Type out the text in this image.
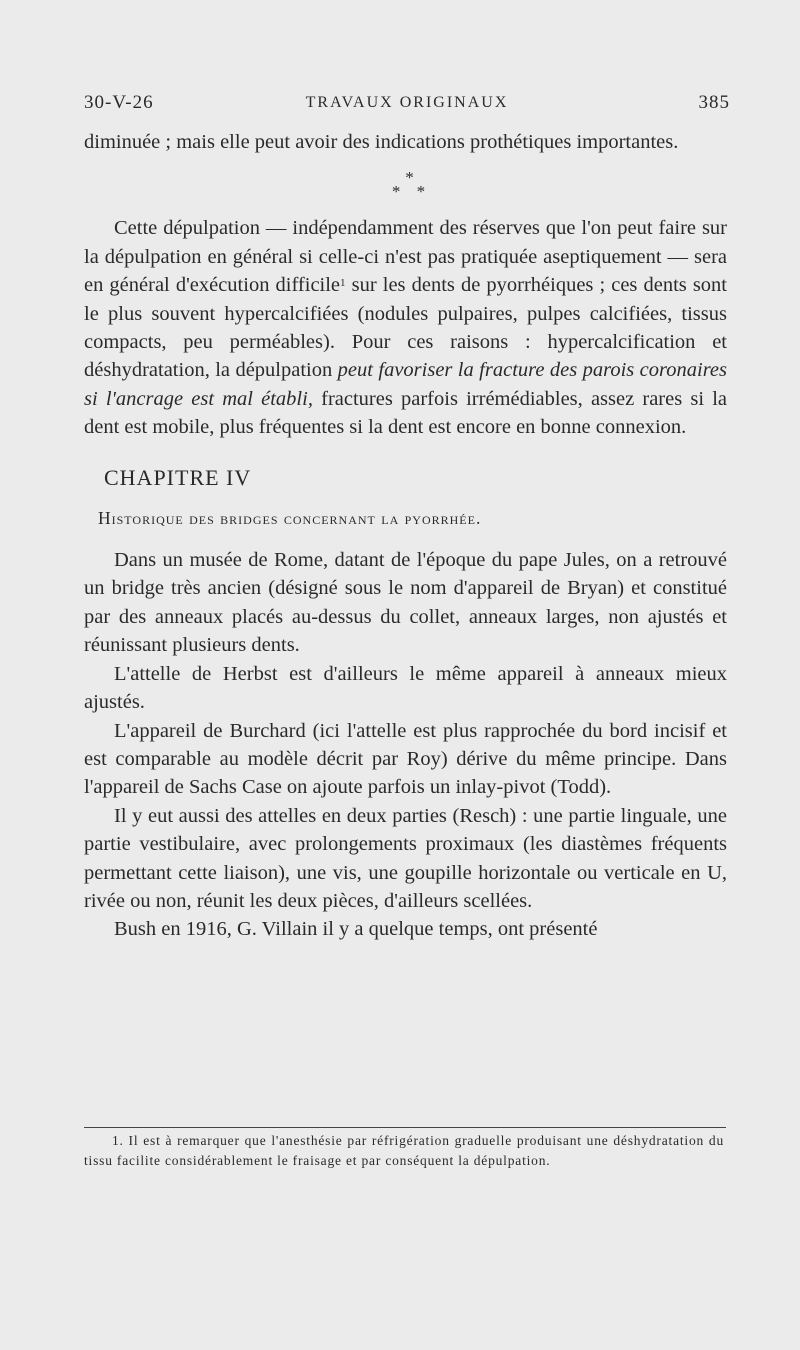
30-V-26	TRAVAUX ORIGINAUX	385

diminuée ; mais elle peut avoir des indications prothétiques importantes.

*
* *

Cette dépulpation — indépendamment des réserves que l'on peut faire sur la dépulpation en général si celle-ci n'est pas pratiquée aseptiquement — sera en général d'exécution difficile$^1$ sur les dents de pyorrhéiques ; ces dents sont le plus souvent hypercalcifiées (nodules pulpaires, pulpes calcifiées, tissus compacts, peu perméables). Pour ces raisons : hypercalcification et déshydratation, la dépulpation peut favoriser la fracture des parois coronaires si l'ancrage est mal établi, fractures parfois irrémédiables, assez rares si la dent est mobile, plus fréquentes si la dent est encore en bonne connexion.

CHAPITRE IV

Historique des bridges concernant la pyorrhée.

Dans un musée de Rome, datant de l'époque du pape Jules, on a retrouvé un bridge très ancien (désigné sous le nom d'appareil de Bryan) et constitué par des anneaux placés au-dessus du collet, anneaux larges, non ajustés et réunissant plusieurs dents.

L'attelle de Herbst est d'ailleurs le même appareil à anneaux mieux ajustés.

L'appareil de Burchard (ici l'attelle est plus rapprochée du bord incisif et est comparable au modèle décrit par Roy) dérive du même principe. Dans l'appareil de Sachs Case on ajoute parfois un inlay-pivot (Todd).

Il y eut aussi des attelles en deux parties (Resch) : une partie linguale, une partie vestibulaire, avec prolongements proximaux (les diastèmes fréquents permettant cette liaison), une vis, une goupille horizontale ou verticale en U, rivée ou non, réunit les deux pièces, d'ailleurs scellées.

Bush en 1916, G. Villain il y a quelque temps, ont présenté

1. Il est à remarquer que l'anesthésie par réfrigération graduelle produisant une déshydratation du tissu facilite considérablement le fraisage et par conséquent la dépulpation.
